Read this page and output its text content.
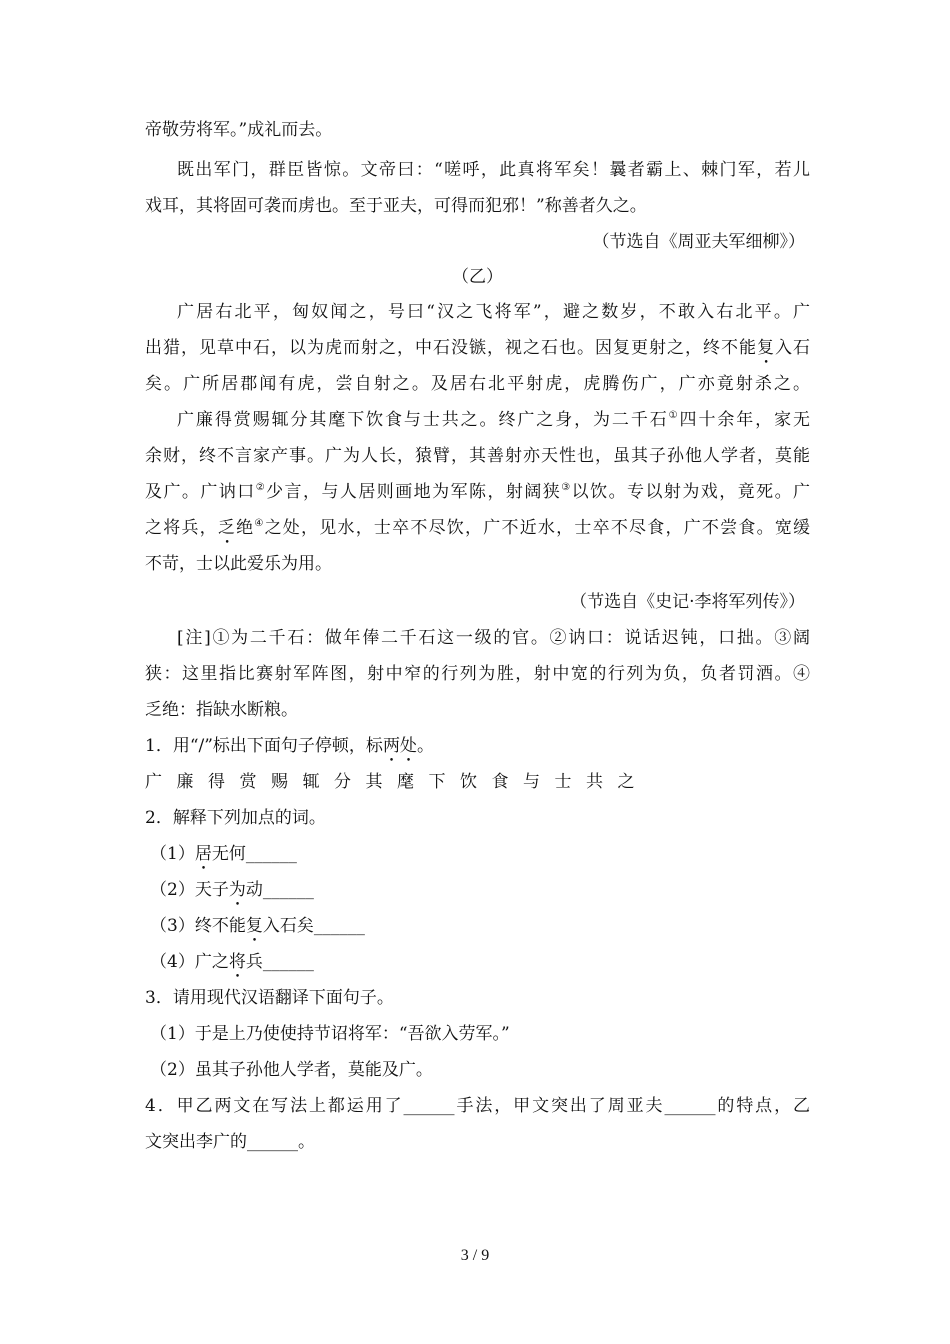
帝敬劳将军。”成礼而去。
既出军门，群臣皆惊。文帝曰：“嗟呼，此真将军矣！曩者霸上、棘门军，若儿
戏耳，其将固可袭而虏也。至于亚夫，可得而犯邪！”称善者久之。
（节选自《周亚夫军细柳》）
（乙）
广居右北平，匈奴闻之，号曰“汉之飞将军”，避之数岁，不敢入右北平。广
出猎，见草中石，以为虎而射之，中石没镞，视之石也。因复更射之，终不能复入石
矣。广所居郡闻有虎，尝自射之。及居右北平射虎，虎腾伤广，广亦竟射杀之。
广廉得赏赐辄分其麾下饮食与士共之。终广之身，为二千石①四十余年，家无
余财，终不言家产事。广为人长，猿臂，其善射亦天性也，虽其子孙他人学者，莫能
及广。广讷口②少言，与人居则画地为军陈，射阔狭③以饮。专以射为戏，竟死。广
之将兵，乏绝④之处，见水，士卒不尽饮，广不近水，士卒不尽食，广不尝食。宽缓
不苛，士以此爱乐为用。
（节选自《史记·李将军列传》）
[注]①为二千石：做年俸二千石这一级的官。②讷口：说话迟钝，口拙。③阔
狭：这里指比赛射军阵图，射中窄的行列为胜，射中宽的行列为负，负者罚酒。④
乏绝：指缺水断粮。
1．用“/”标出下面句子停顿，标两处。
广廉得赏赐辄分其麾下饮食与士共之
2．解释下列加点的词。
（1）居无何______
（2）天子为动______
（3）终不能复入石矣______
（4）广之将兵______
3．请用现代汉语翻译下面句子。
（1）于是上乃使使持节诏将军：“吾欲入劳军。”
（2）虽其子孙他人学者，莫能及广。
4．甲乙两文在写法上都运用了______手法，甲文突出了周亚夫______的特点，乙
文突出李广的______。
3 / 9
